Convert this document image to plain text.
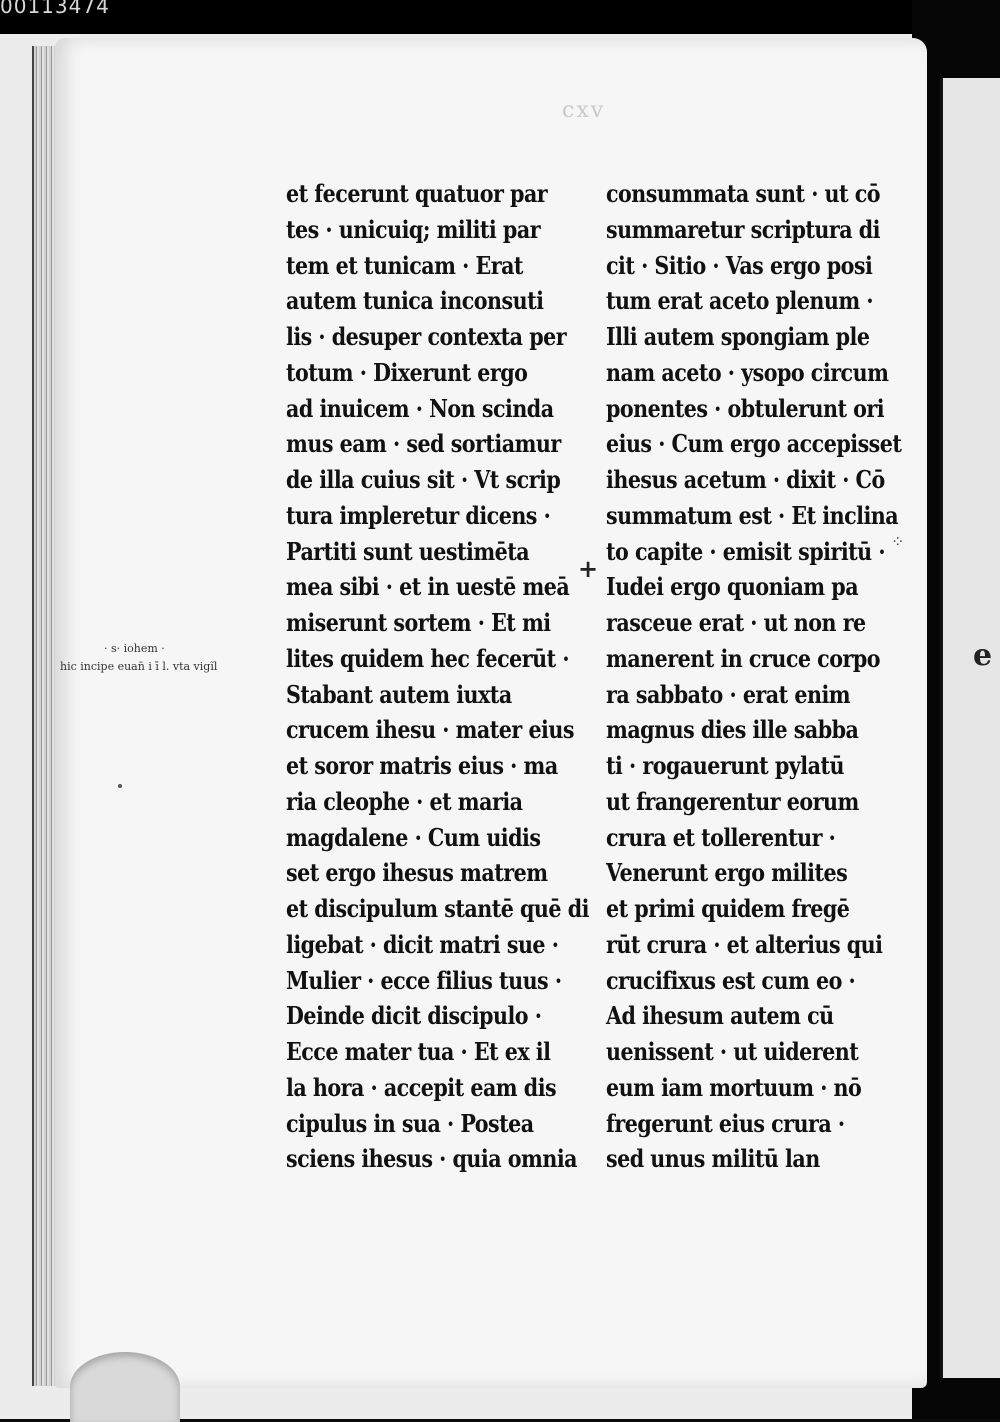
00113474
e
cxv
· s· iohem ·
hic incipe euan̄ i ī l. vta vigĩl
et fecerunt quatuor par
tes · unicuiq; militi par
tem et tunicam · Erat
autem tunica inconsuti
lis · desuper contexta per
totum · Dixerunt ergo
ad inuicem · Non scinda
mus eam · sed sortiamur
de illa cuius sit · Vt scrip
tura impleretur dicens ·
Partiti sunt uestimēta
mea sibi · et in uestē meā
miserunt sortem · Et mi
lites quidem hec fecerūt ·
Stabant autem iuxta
crucem ihesu · mater eius
et soror matris eius · ma
ria cleophe · et maria
magdalene · Cum uidis
set ergo ihesus matrem
et discipulum stantē quē di
ligebat · dicit matri sue ·
Mulier · ecce filius tuus ·
Deinde dicit discipulo ·
Ecce mater tua · Et ex il
la hora · accepit eam dis
cipulus in sua · Postea
sciens ihesus · quia omnia
consummata sunt · ut cō
summaretur scriptura di
cit · Sitio · Vas ergo posi
tum erat aceto plenum ·
Illi autem spongiam ple
nam aceto · ysopo circum
ponentes · obtulerunt ori
eius · Cum ergo accepisset
ihesus acetum · dixit · Cō
summatum est · Et inclina
to capite · emisit spiritū ·
Iudei ergo quoniam pa
rasceue erat · ut non re
manerent in cruce corpo
ra sabbato · erat enim
magnus dies ille sabba
ti · rogauerunt pylatū
ut frangerentur eorum
crura et tollerentur ·
Venerunt ergo milites
et primi quidem fregē
rūt crura · et alterius qui
crucifixus est cum eo ·
Ad ihesum autem cū
uenissent · ut uiderent
eum iam mortuum · nō
fregerunt eius crura ·
sed unus militū lan
+
⁘
